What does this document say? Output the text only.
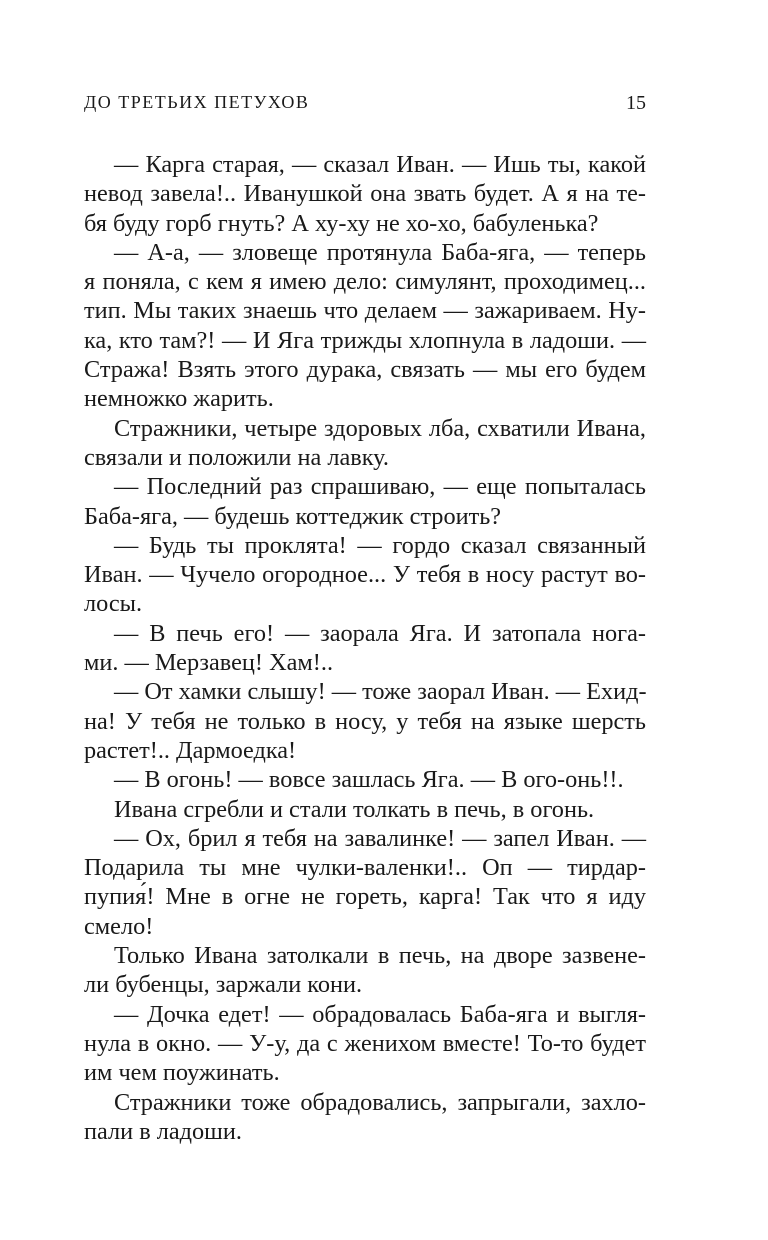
ДО ТРЕТЬИХ ПЕТУХОВ	15
— Карга старая, — сказал Иван. — Ишь ты, какой
невод завела!.. Иванушкой она звать будет. А я на те-
бя буду горб гнуть? А ху-ху не хо-хо, бабуленька?
— А-а, — зловеще протянула Баба-яга, — теперь
я поняла, с кем я имею дело: симулянт, проходимец...
тип. Мы таких знаешь что делаем — зажариваем. Ну-
ка, кто там?! — И Яга трижды хлопнула в ладоши. —
Стража! Взять этого дурака, связать — мы его будем
немножко жарить.
Стражники, четыре здоровых лба, схватили Ивана,
связали и положили на лавку.
— Последний раз спрашиваю, — еще попыталась
Баба-яга, — будешь коттеджик строить?
— Будь ты проклята! — гордо сказал связанный
Иван. — Чучело огородное... У тебя в носу растут во-
лосы.
— В печь его! — заорала Яга. И затопала нога-
ми. — Мерзавец! Хам!..
— От хамки слышу! — тоже заорал Иван. — Ехид-
на! У тебя не только в носу, у тебя на языке шерсть
растет!.. Дармоедка!
— В огонь! — вовсе зашлась Яга. — В ого-онь!!.
Ивана сгребли и стали толкать в печь, в огонь.
— Ох, брил я тебя на завалинке! — запел Иван. —
Подарила ты мне чулки-валенки!.. Оп — тирдар-
пупия́! Мне в огне не гореть, карга! Так что я иду
смело!
Только Ивана затолкали в печь, на дворе зазвене-
ли бубенцы, заржали кони.
— Дочка едет! — обрадовалась Баба-яга и выгля-
нула в окно. — У-у, да с женихом вместе! То-то будет
им чем поужинать.
Стражники тоже обрадовались, запрыгали, захло-
пали в ладоши.
